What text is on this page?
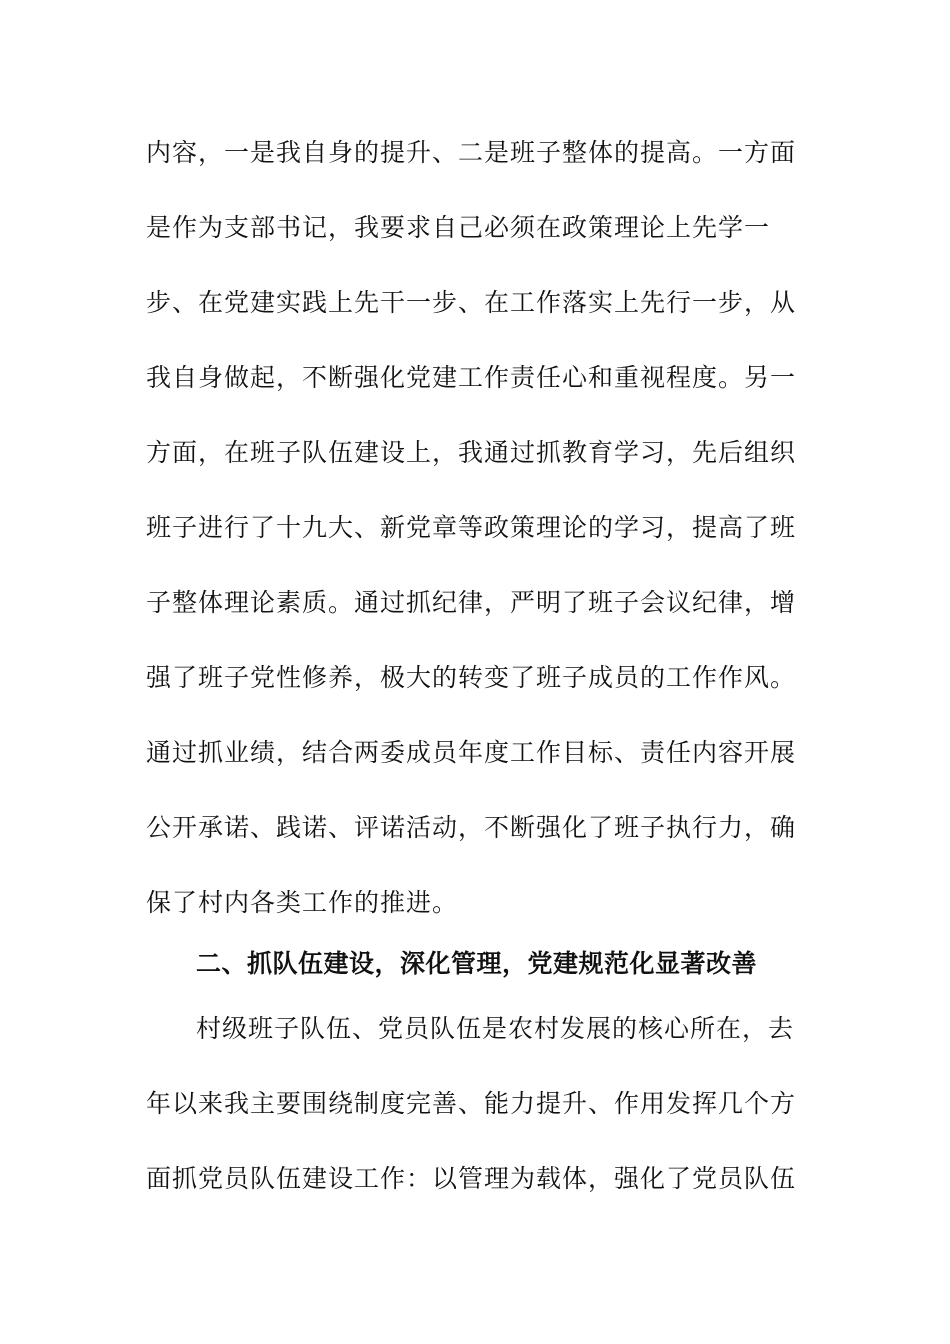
内容，一是我自身的提升、二是班子整体的提高。一方面
是作为支部书记，我要求自己必须在政策理论上先学一
步、在党建实践上先干一步、在工作落实上先行一步，从
我自身做起，不断强化党建工作责任心和重视程度。另一
方面，在班子队伍建设上，我通过抓教育学习，先后组织
班子进行了十九大、新党章等政策理论的学习，提高了班
子整体理论素质。通过抓纪律，严明了班子会议纪律，增
强了班子党性修养，极大的转变了班子成员的工作作风。
通过抓业绩，结合两委成员年度工作目标、责任内容开展
公开承诺、践诺、评诺活动，不断强化了班子执行力，确
保了村内各类工作的推进。
二、抓队伍建设，深化管理，党建规范化显著改善
村级班子队伍、党员队伍是农村发展的核心所在，去
年以来我主要围绕制度完善、能力提升、作用发挥几个方
面抓党员队伍建设工作：以管理为载体，强化了党员队伍
